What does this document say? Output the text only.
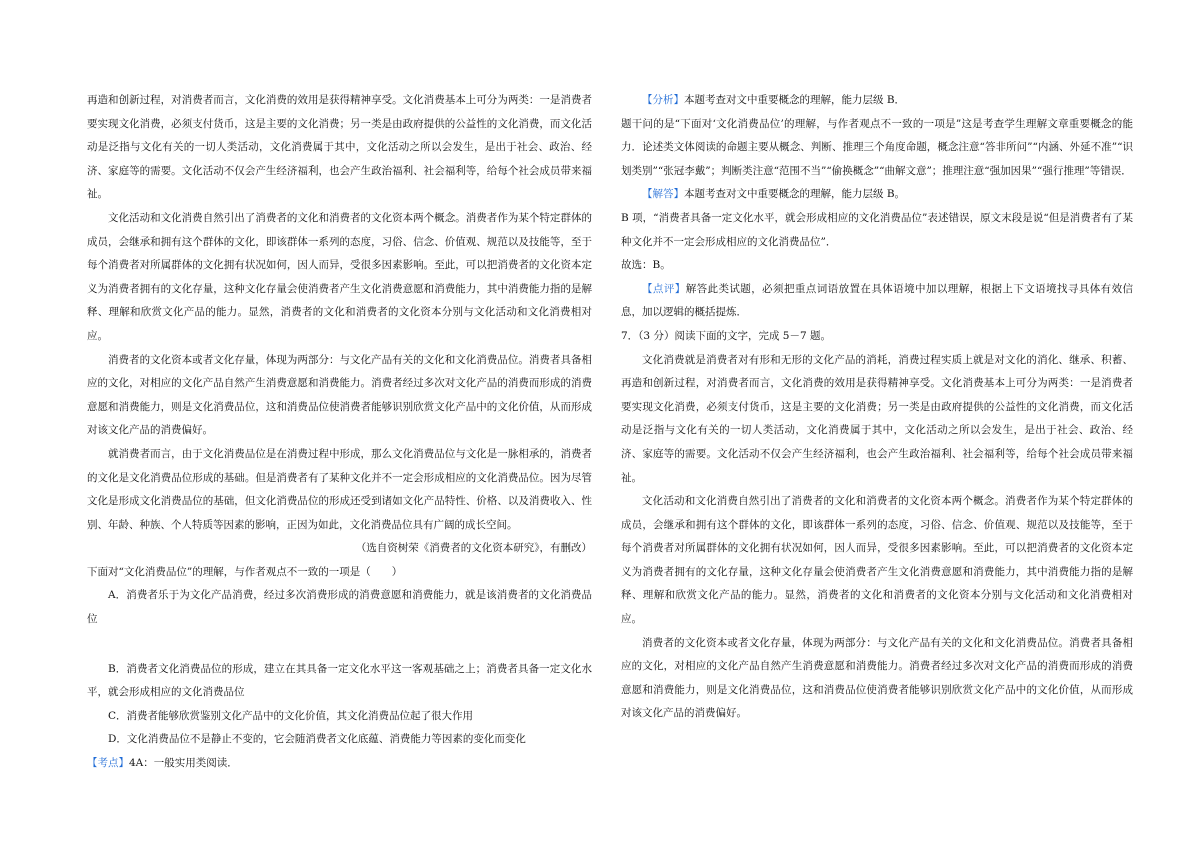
再造和创新过程，对消费者而言，文化消费的效用是获得精神享受。文化消费基本上可分为两类：一是消费者要实现文化消费，必须支付货币，这是主要的文化消费；另一类是由政府提供的公益性的文化消费，而文化活动是泛指与文化有关的一切人类活动，文化消费属于其中，文化活动之所以会发生，是出于社会、政治、经济、家庭等的需要。文化活动不仅会产生经济福利，也会产生政治福利、社会福利等，给每个社会成员带来福祉。

文化活动和文化消费自然引出了消费者的文化和消费者的文化资本两个概念。消费者作为某个特定群体的成员，会继承和拥有这个群体的文化，即该群体一系列的态度，习俗、信念、价值观、规范以及技能等，至于每个消费者对所属群体的文化拥有状况如何，因人而异，受很多因素影响。至此，可以把消费者的文化资本定义为消费者拥有的文化存量，这种文化存量会使消费者产生文化消费意愿和消费能力，其中消费能力指的是解释、理解和欣赏文化产品的能力。显然，消费者的文化和消费者的文化资本分别与文化活动和文化消费相对应。

消费者的文化资本或者文化存量，体现为两部分：与文化产品有关的文化和文化消费品位。消费者具备相应的文化，对相应的文化产品自然产生消费意愿和消费能力。消费者经过多次对文化产品的消费而形成的消费意愿和消费能力，则是文化消费品位，这和消费品位使消费者能够识别欣赏文化产品中的文化价值，从而形成对该文化产品的消费偏好。

就消费者而言，由于文化消费品位是在消费过程中形成，那么文化消费品位与文化是一脉相承的，消费者的文化是文化消费品位形成的基础。但是消费者有了某种文化并不一定会形成相应的文化消费品位。因为尽管文化是形成文化消费品位的基础，但文化消费品位的形成还受到诸如文化产品特性、价格、以及消费收入、性别、年龄、种族、个人特质等因素的影响，正因为如此，文化消费品位具有广阔的成长空间。

（选自资树荣《消费者的文化资本研究》，有删改）

下面对“文化消费品位”的理解，与作者观点不一致的一项是（　　）

A．消费者乐于为文化产品消费，经过多次消费形成的消费意愿和消费能力，就是该消费者的文化消费品位

B．消费者文化消费品位的形成，建立在其具备一定文化水平这一客观基础之上；消费者具备一定文化水平，就会形成相应的文化消费品位

C．消费者能够欣赏鉴别文化产品中的文化价值，其文化消费品位起了很大作用

D．文化消费品位不是静止不变的，它会随消费者文化底蕴、消费能力等因素的变化而变化

【考点】4A：一般实用类阅读．

【分析】本题考查对文中重要概念的理解，能力层级 B．

题干问的是“下面对‘文化消费品位’的理解，与作者观点不一致的一项是”这是考查学生理解文章重要概念的能力．论述类文体阅读的命题主要从概念、判断、推理三个角度命题，概念注意“答非所问”“内涵、外延不准”“识划类别”“张冠李戴”；判断类注意“范围不当”“偷换概念”“曲解文意”；推理注意“强加因果”“强行推理”等错误．

【解答】本题考查对文中重要概念的理解，能力层级 B。

B 项，“消费者具备一定文化水平，就会形成相应的文化消费品位”表述错误，原文末段是说“但是消费者有了某种文化并不一定会形成相应的文化消费品位”．

故选：B。

【点评】解答此类试题，必须把重点词语放置在具体语境中加以理解，根据上下文语境找寻具体有效信息，加以逻辑的概括提炼．

7．（3 分）阅读下面的文字，完成 5－7 题。

文化消费就是消费者对有形和无形的文化产品的消耗，消费过程实质上就是对文化的消化、继承、积蓄、再造和创新过程，对消费者而言，文化消费的效用是获得精神享受。文化消费基本上可分为两类：一是消费者要实现文化消费，必须支付货币，这是主要的文化消费；另一类是由政府提供的公益性的文化消费，而文化活动是泛指与文化有关的一切人类活动，文化消费属于其中，文化活动之所以会发生，是出于社会、政治、经济、家庭等的需要。文化活动不仅会产生经济福利，也会产生政治福利、社会福利等，给每个社会成员带来福祉。

文化活动和文化消费自然引出了消费者的文化和消费者的文化资本两个概念。消费者作为某个特定群体的成员，会继承和拥有这个群体的文化，即该群体一系列的态度，习俗、信念、价值观、规范以及技能等，至于每个消费者对所属群体的文化拥有状况如何，因人而异，受很多因素影响。至此，可以把消费者的文化资本定义为消费者拥有的文化存量，这种文化存量会使消费者产生文化消费意愿和消费能力，其中消费能力指的是解释、理解和欣赏文化产品的能力。显然，消费者的文化和消费者的文化资本分别与文化活动和文化消费相对应。

消费者的文化资本或者文化存量，体现为两部分：与文化产品有关的文化和文化消费品位。消费者具备相应的文化，对相应的文化产品自然产生消费意愿和消费能力。消费者经过多次对文化产品的消费而形成的消费意愿和消费能力，则是文化消费品位，这和消费品位使消费者能够识别欣赏文化产品中的文化价值，从而形成对该文化产品的消费偏好。
